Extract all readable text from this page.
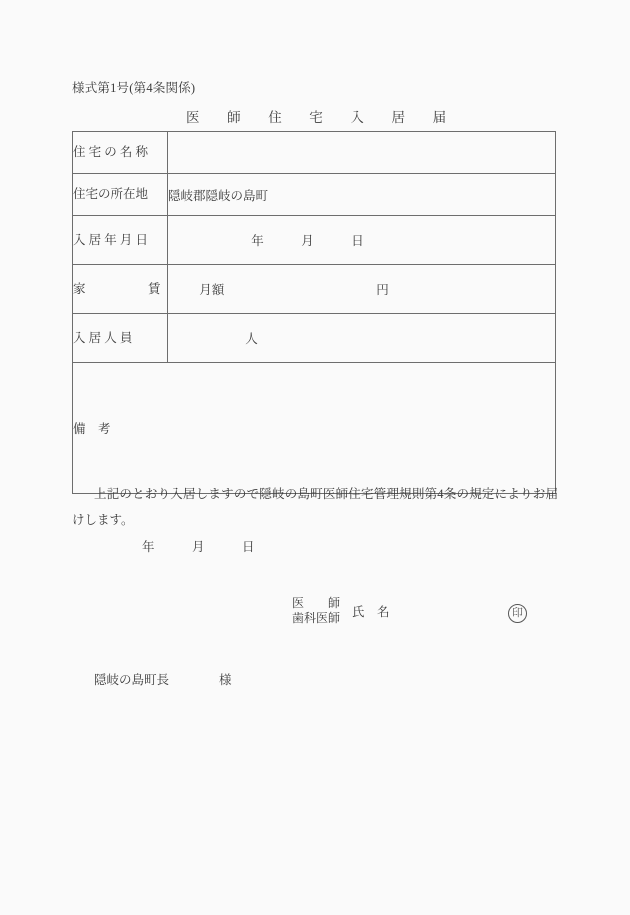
様式第1号(第4条関係)
医　　師　　住　　宅　　入　　居　　届
住 宅 の 名 称	
住宅の所在地	隠岐郡隠岐の島町
入 居 年 月 日	年　　　月　　　日

家　　　　　賃	月額 円

入 居 人 員	人

備　考	
上記のとおり入居しますので隠岐の島町医師住宅管理規則第4条の規定によりお届けします。
年　　　月　　　日
医　　師
歯科医師 氏　名	印
隠岐の島町長　　　　様
